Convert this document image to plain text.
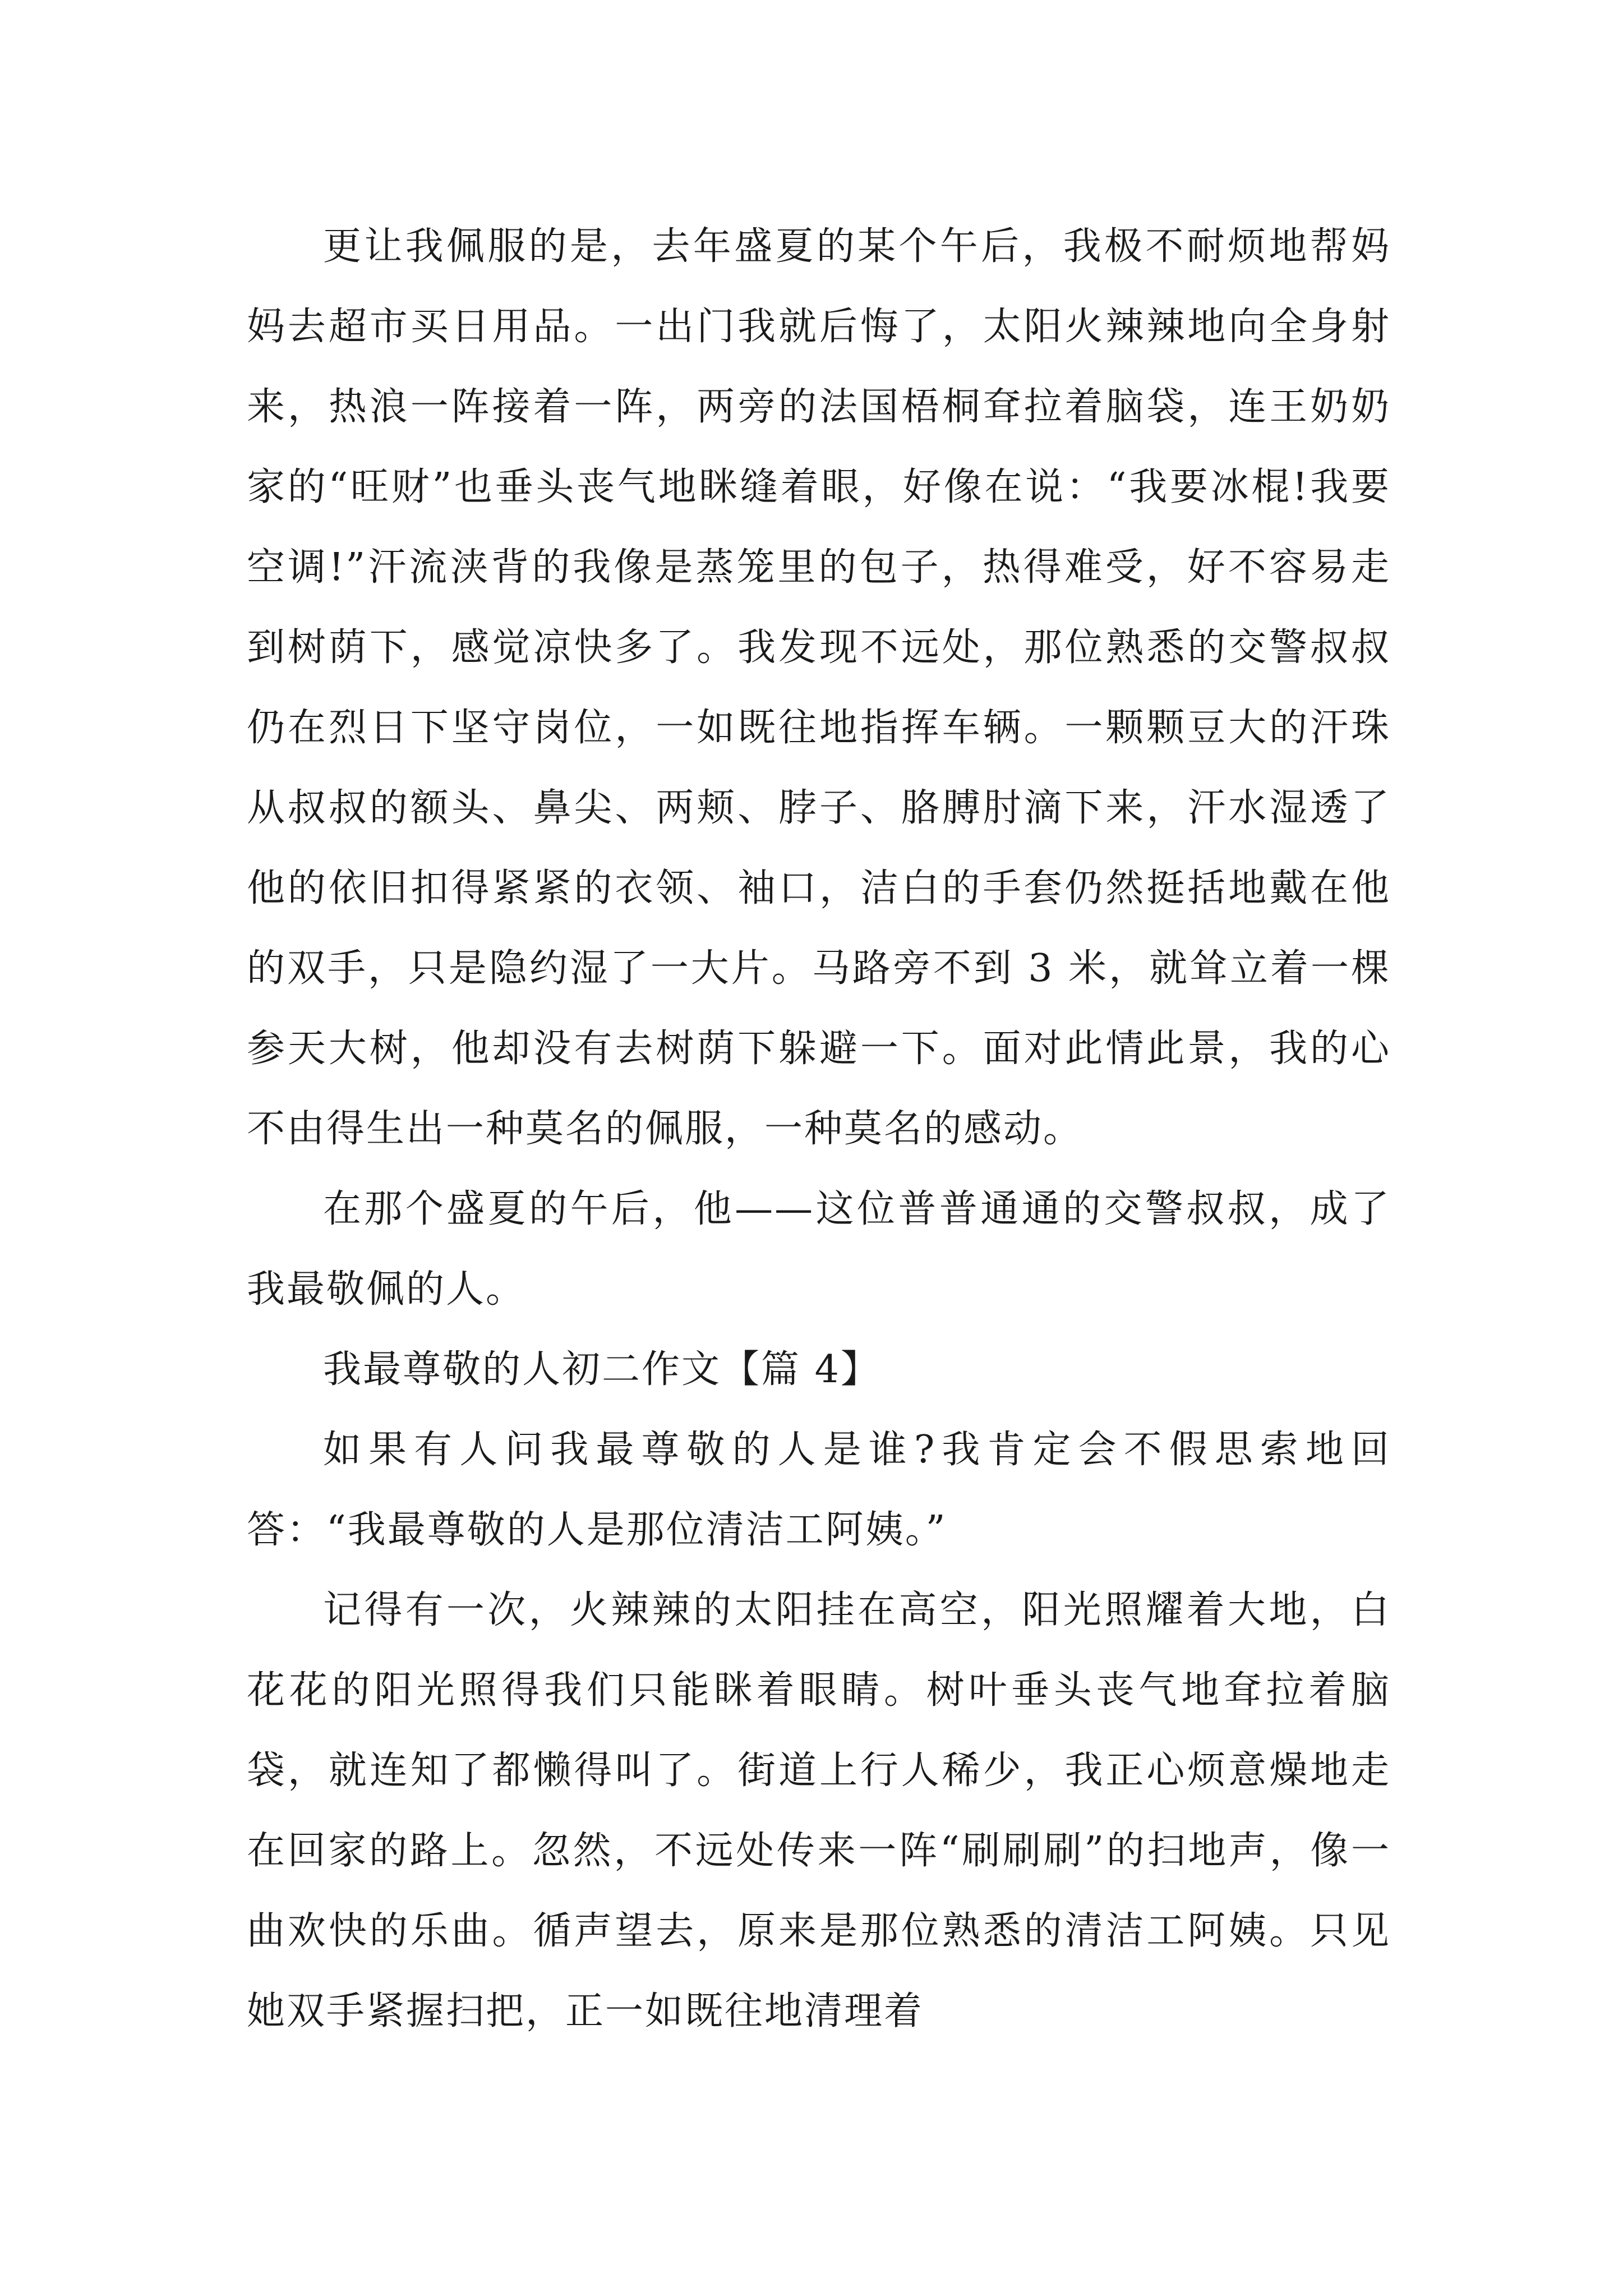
更让我佩服的是，去年盛夏的某个午后，我极不耐烦地帮妈妈去超市买日用品。一出门我就后悔了，太阳火辣辣地向全身射来，热浪一阵接着一阵，两旁的法国梧桐耷拉着脑袋，连王奶奶家的“旺财”也垂头丧气地眯缝着眼，好像在说：“我要冰棍!我要空调!”汗流浃背的我像是蒸笼里的包子，热得难受，好不容易走到树荫下，感觉凉快多了。我发现不远处，那位熟悉的交警叔叔仍在烈日下坚守岗位，一如既往地指挥车辆。一颗颗豆大的汗珠从叔叔的额头、鼻尖、两颊、脖子、胳膊肘滴下来，汗水湿透了他的依旧扣得紧紧的衣领、袖口，洁白的手套仍然挺括地戴在他的双手，只是隐约湿了一大片。马路旁不到 3 米，就耸立着一棵参天大树，他却没有去树荫下躲避一下。面对此情此景，我的心不由得生出一种莫名的佩服，一种莫名的感动。

在那个盛夏的午后，他——这位普普通通的交警叔叔，成了我最敬佩的人。

我最尊敬的人初二作文【篇 4】

如果有人问我最尊敬的人是谁?我肯定会不假思索地回答：“我最尊敬的人是那位清洁工阿姨。”

记得有一次，火辣辣的太阳挂在高空，阳光照耀着大地，白花花的阳光照得我们只能眯着眼睛。树叶垂头丧气地耷拉着脑袋，就连知了都懒得叫了。街道上行人稀少，我正心烦意燥地走在回家的路上。忽然，不远处传来一阵“刷刷刷”的扫地声，像一曲欢快的乐曲。循声望去，原来是那位熟悉的清洁工阿姨。只见她双手紧握扫把，正一如既往地清理着
